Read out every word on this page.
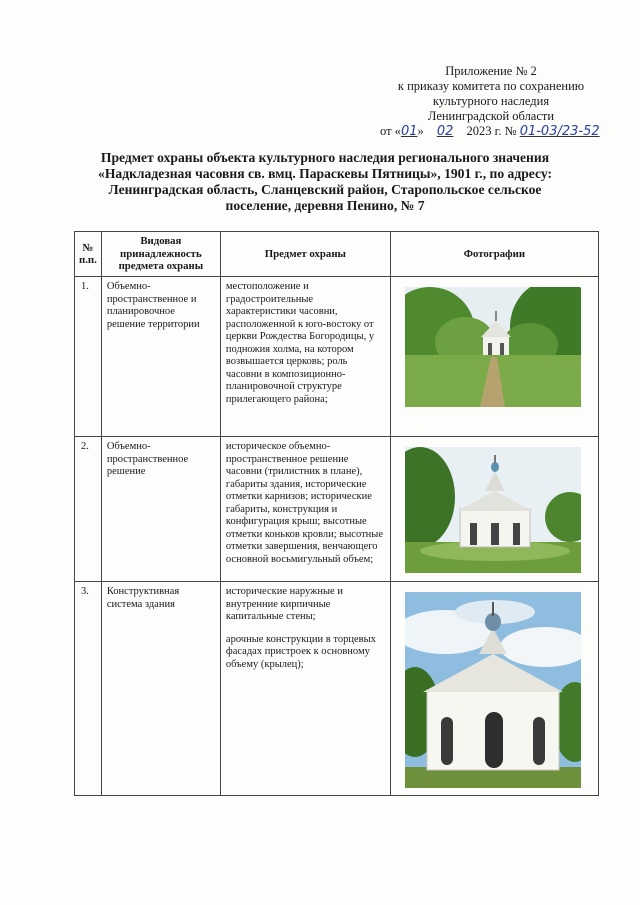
Приложение № 2
к приказу комитета по сохранению
культурного наследия
Ленинградской области
от «01» 02 2023 г. № 01-03/23-52
Предмет охраны объекта культурного наследия регионального значения
«Надкладезная часовня св. вмц. Параскевы Пятницы», 1901 г., по адресу:
Ленинградская область, Сланцевский район, Старопольское сельское
поселение, деревня Пенино, № 7
№ п.п.	Видовая принадлежность предмета охраны	Предмет охраны	Фотографии
1.	Объемно-пространственное и планировочное решение территории	местоположение и градостроительные характеристики часовни, расположенной к юго-востоку от церкви Рождества Богородицы, у подножия холма, на котором возвышается церковь; роль часовни в композиционно-планировочной структуре прилегающего района;	

2.	Объемно-пространственное решение	историческое объемно-пространственное решение часовни (трилистник в плане), габариты здания, исторические отметки карнизов; исторические габариты, конструкция и конфигурация крыш; высотные отметки коньков кровли; высотные отметки завершения, венчающего основной восьмигульный объем;	

3.	Конструктивная система здания	исторические наружные и внутренние кирпичные капитальные стены;
арочные конструкции в торцевых фасадах пристроек к основному объему (крылец);
